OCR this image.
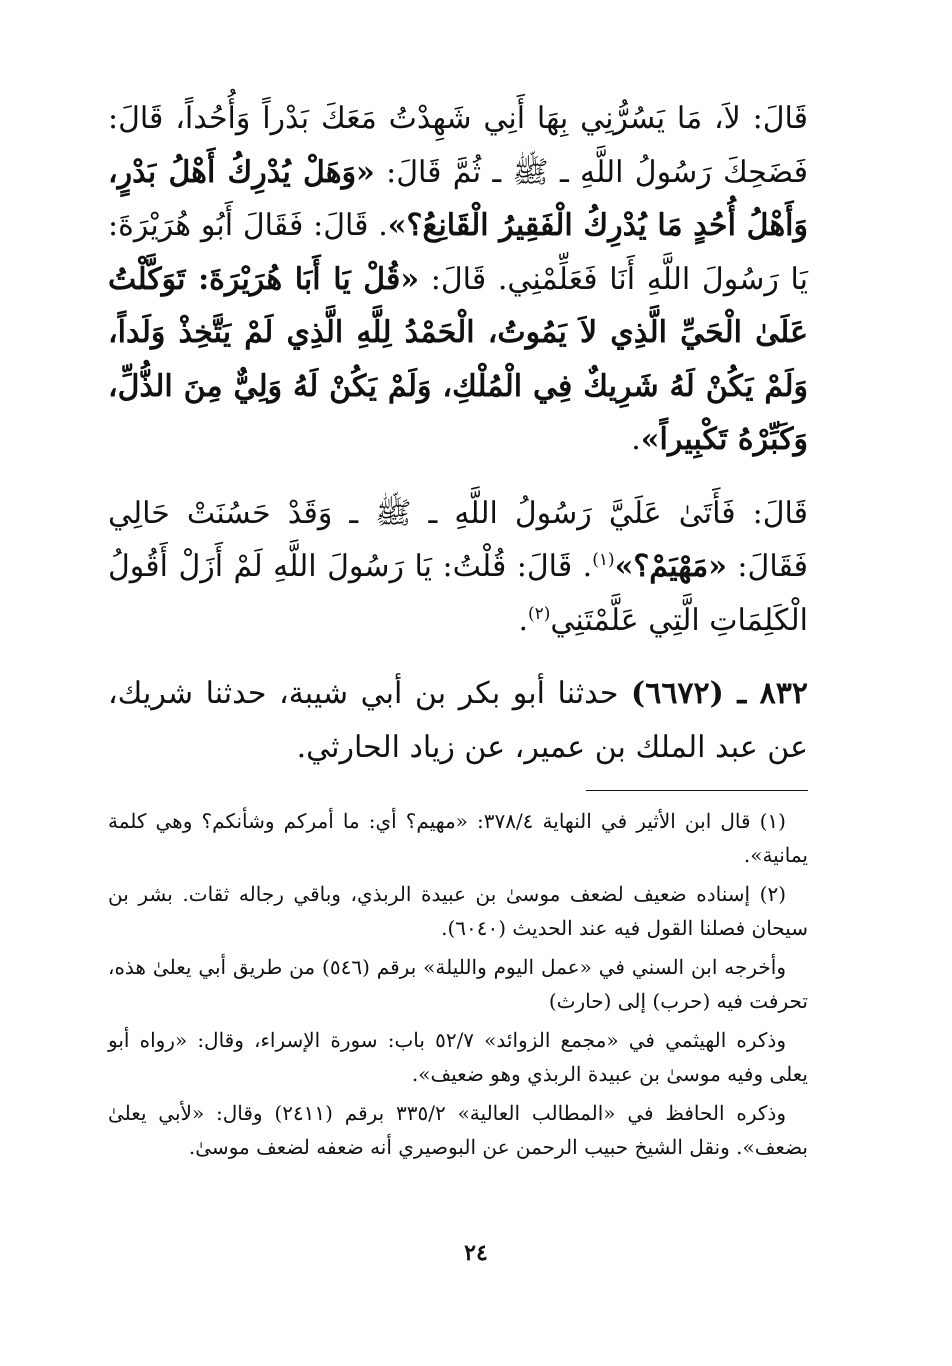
قَالَ: لاَ، مَا يَسُرُّنِي بِهَا أَنِي شَهِدْتُ مَعَكَ بَدْراً وَأُحُداً، قَالَ: فَضَحِكَ رَسُولُ اللَّهِ ـ ﷺ ـ ثُمَّ قَالَ: «وَهَلْ يُدْرِكُ أَهْلُ بَدْرٍ، وَأَهْلُ أُحُدٍ مَا يُدْرِكُ الْفَقِيرُ الْقَانِعُ؟». قَالَ: فَقَالَ أَبُو هُرَيْرَةَ: يَا رَسُولَ اللَّهِ أَنَا فَعَلِّمْنِي. قَالَ: «قُلْ يَا أَبَا هُرَيْرَةَ: تَوَكَّلْتُ عَلَىٰ الْحَيِّ الَّذِي لاَ يَمُوتُ، الْحَمْدُ لِلَّهِ الَّذِي لَمْ يَتَّخِذْ وَلَداً، وَلَمْ يَكُنْ لَهُ شَرِيكٌ فِي الْمُلْكِ، وَلَمْ يَكُنْ لَهُ وَلِيٌّ مِنَ الذُّلِّ، وَكَبِّرْهُ تَكْبِيراً».

قَالَ: فَأَتَىٰ عَلَيَّ رَسُولُ اللَّهِ ـ ﷺ ـ وَقَدْ حَسُنَتْ حَالِي فَقَالَ: «مَهْيَمْ؟»$^{(١)}$. قَالَ: قُلْتُ: يَا رَسُولَ اللَّهِ لَمْ أَزَلْ أَقُولُ الْكَلِمَاتِ الَّتِي عَلَّمْتَنِي$^{(٢)}$.

٨٣٢ ـ (٦٦٧٢) حدثنا أبو بكر بن أبي شيبة، حدثنا شريك، عن عبد الملك بن عمير، عن زياد الحارثي.

(١) قال ابن الأثير في النهاية ٣٧٨/٤: «مهيم؟ أي: ما أمركم وشأنكم؟ وهي كلمة يمانية».

(٢) إسناده ضعيف لضعف موسىٰ بن عبيدة الربذي، وباقي رجاله ثقات. بشر بن سيحان فصلنا القول فيه عند الحديث (٦٠٤٠).

وأخرجه ابن السني في «عمل اليوم والليلة» برقم (٥٤٦) من طريق أبي يعلىٰ هذه، تحرفت فيه (حرب) إلى (حارث)

وذكره الهيثمي في «مجمع الزوائد» ٥٢/٧ باب: سورة الإسراء، وقال: «رواه أبو يعلى وفيه موسىٰ بن عبيدة الربذي وهو ضعيف».

وذكره الحافظ في «المطالب العالية» ٣٣٥/٢ برقم (٢٤١١) وقال: «لأبي يعلىٰ بضعف». ونقل الشيخ حبيب الرحمن عن البوصيري أنه ضعفه لضعف موسىٰ.

٢٤
